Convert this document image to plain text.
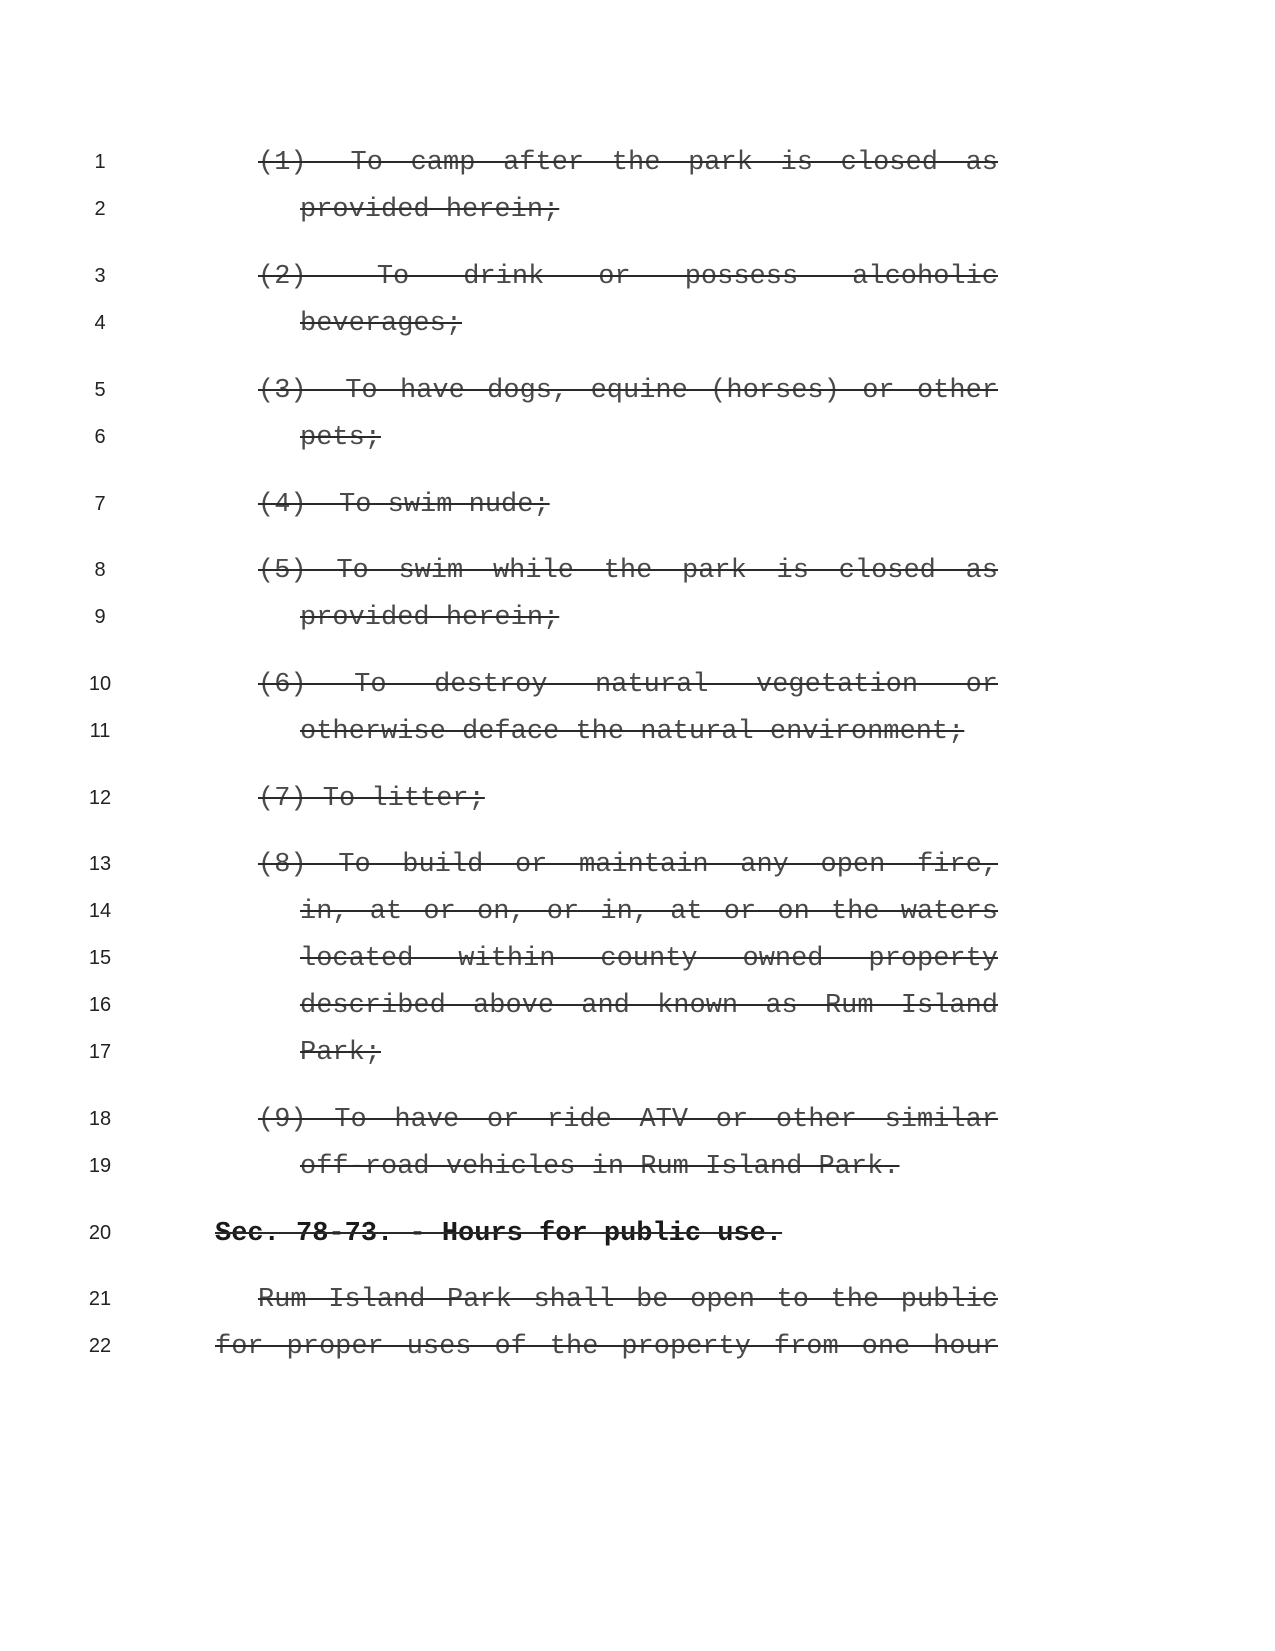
1	(1) —To camp after the park is closed as
2	provided herein;
3	(2) —To drink or possess alcoholic
4	beverages;
5	(3) —To have dogs, equine (horses) or other
6	pets;
7	(4) —To swim nude;
8	(5) To swim while the park is closed as
9	provided herein;
10	(6) To destroy natural vegetation or
11	otherwise deface the natural environment;
12	(7) To litter;
13	(8) To build or maintain any open fire,
14	in, at or on, or in, at or on the waters
15	located within county owned property
16	described above and known as Rum Island
17	Park;
18	(9) To have or ride ATV or other similar
19	off-road vehicles in Rum Island Park.
20	Sec. 78-73. - Hours for public use.
21	Rum Island Park shall be open to the public
22	for proper uses of the property from one hour
